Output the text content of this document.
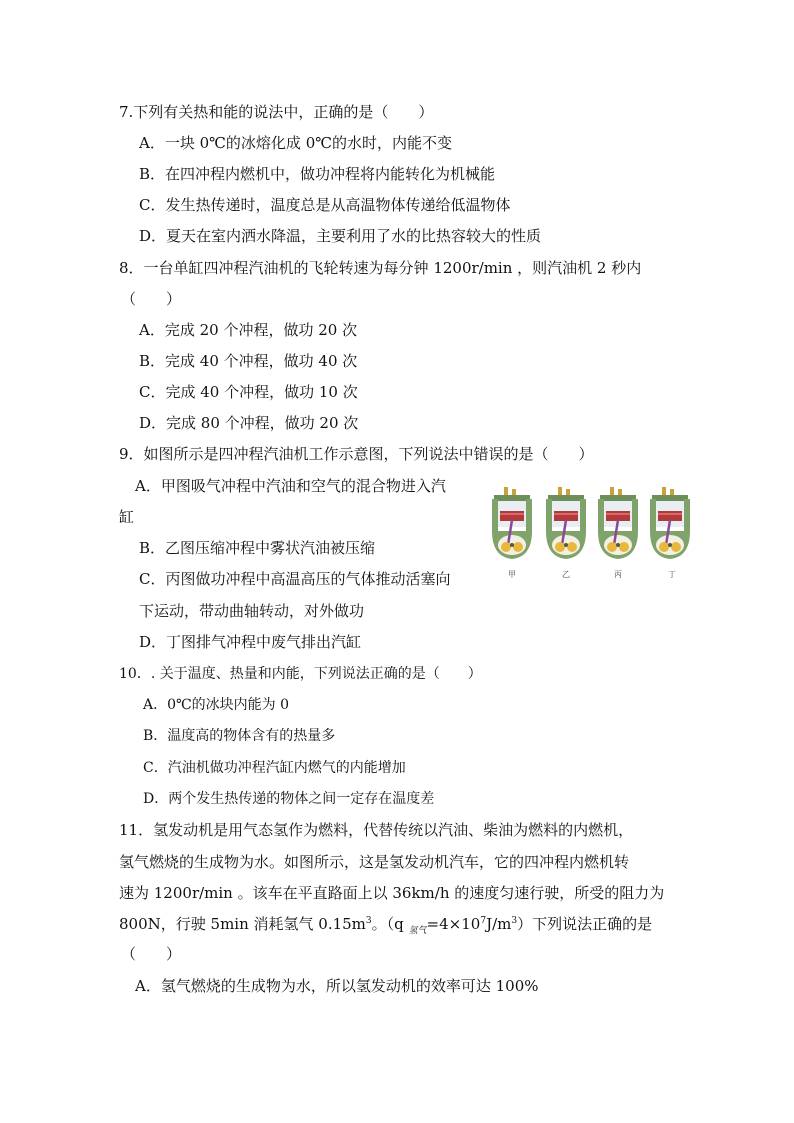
7.下列有关热和能的说法中，正确的是（　　）
A．一块 0℃的冰熔化成 0℃的水时，内能不变
B．在四冲程内燃机中，做功冲程将内能转化为机械能
C．发生热传递时，温度总是从高温物体传递给低温物体
D．夏天在室内洒水降温，主要利用了水的比热容较大的性质
8．一台单缸四冲程汽油机的飞轮转速为每分钟 1200r/min ，则汽油机 2 秒内
（　　）
A．完成 20 个冲程，做功 20 次
B．完成 40 个冲程，做功 40 次
C．完成 40 个冲程，做功 10 次
D．完成 80 个冲程，做功 20 次
9．如图所示是四冲程汽油机工作示意图，下列说法中错误的是（　　）
A．甲图吸气冲程中汽油和空气的混合物进入汽
缸
B．乙图压缩冲程中雾状汽油被压缩
C．丙图做功冲程中高温高压的气体推动活塞向
下运动，带动曲轴转动，对外做功
D．丁图排气冲程中废气排出汽缸
甲	乙	丙	丁
10．. 关于温度、热量和内能，下列说法正确的是（　　）
A．0℃的冰块内能为 0
B．温度高的物体含有的热量多
C．汽油机做功冲程汽缸内燃气的内能增加
D．两个发生热传递的物体之间一定存在温度差
11．氢发动机是用气态氢作为燃料，代替传统以汽油、柴油为燃料的内燃机，
氢气燃烧的生成物为水。如图所示，这是氢发动机汽车，它的四冲程内燃机转
速为 1200r/min 。该车在平直路面上以 36km/h 的速度匀速行驶，所受的阻力为
800N，行驶 5min 消耗氢气 $0.15m^3$。（q $_{氢气}=4\times 10^7J/m^3$）下列说法正确的是
（　　）
A．氢气燃烧的生成物为水，所以氢发动机的效率可达 100%
